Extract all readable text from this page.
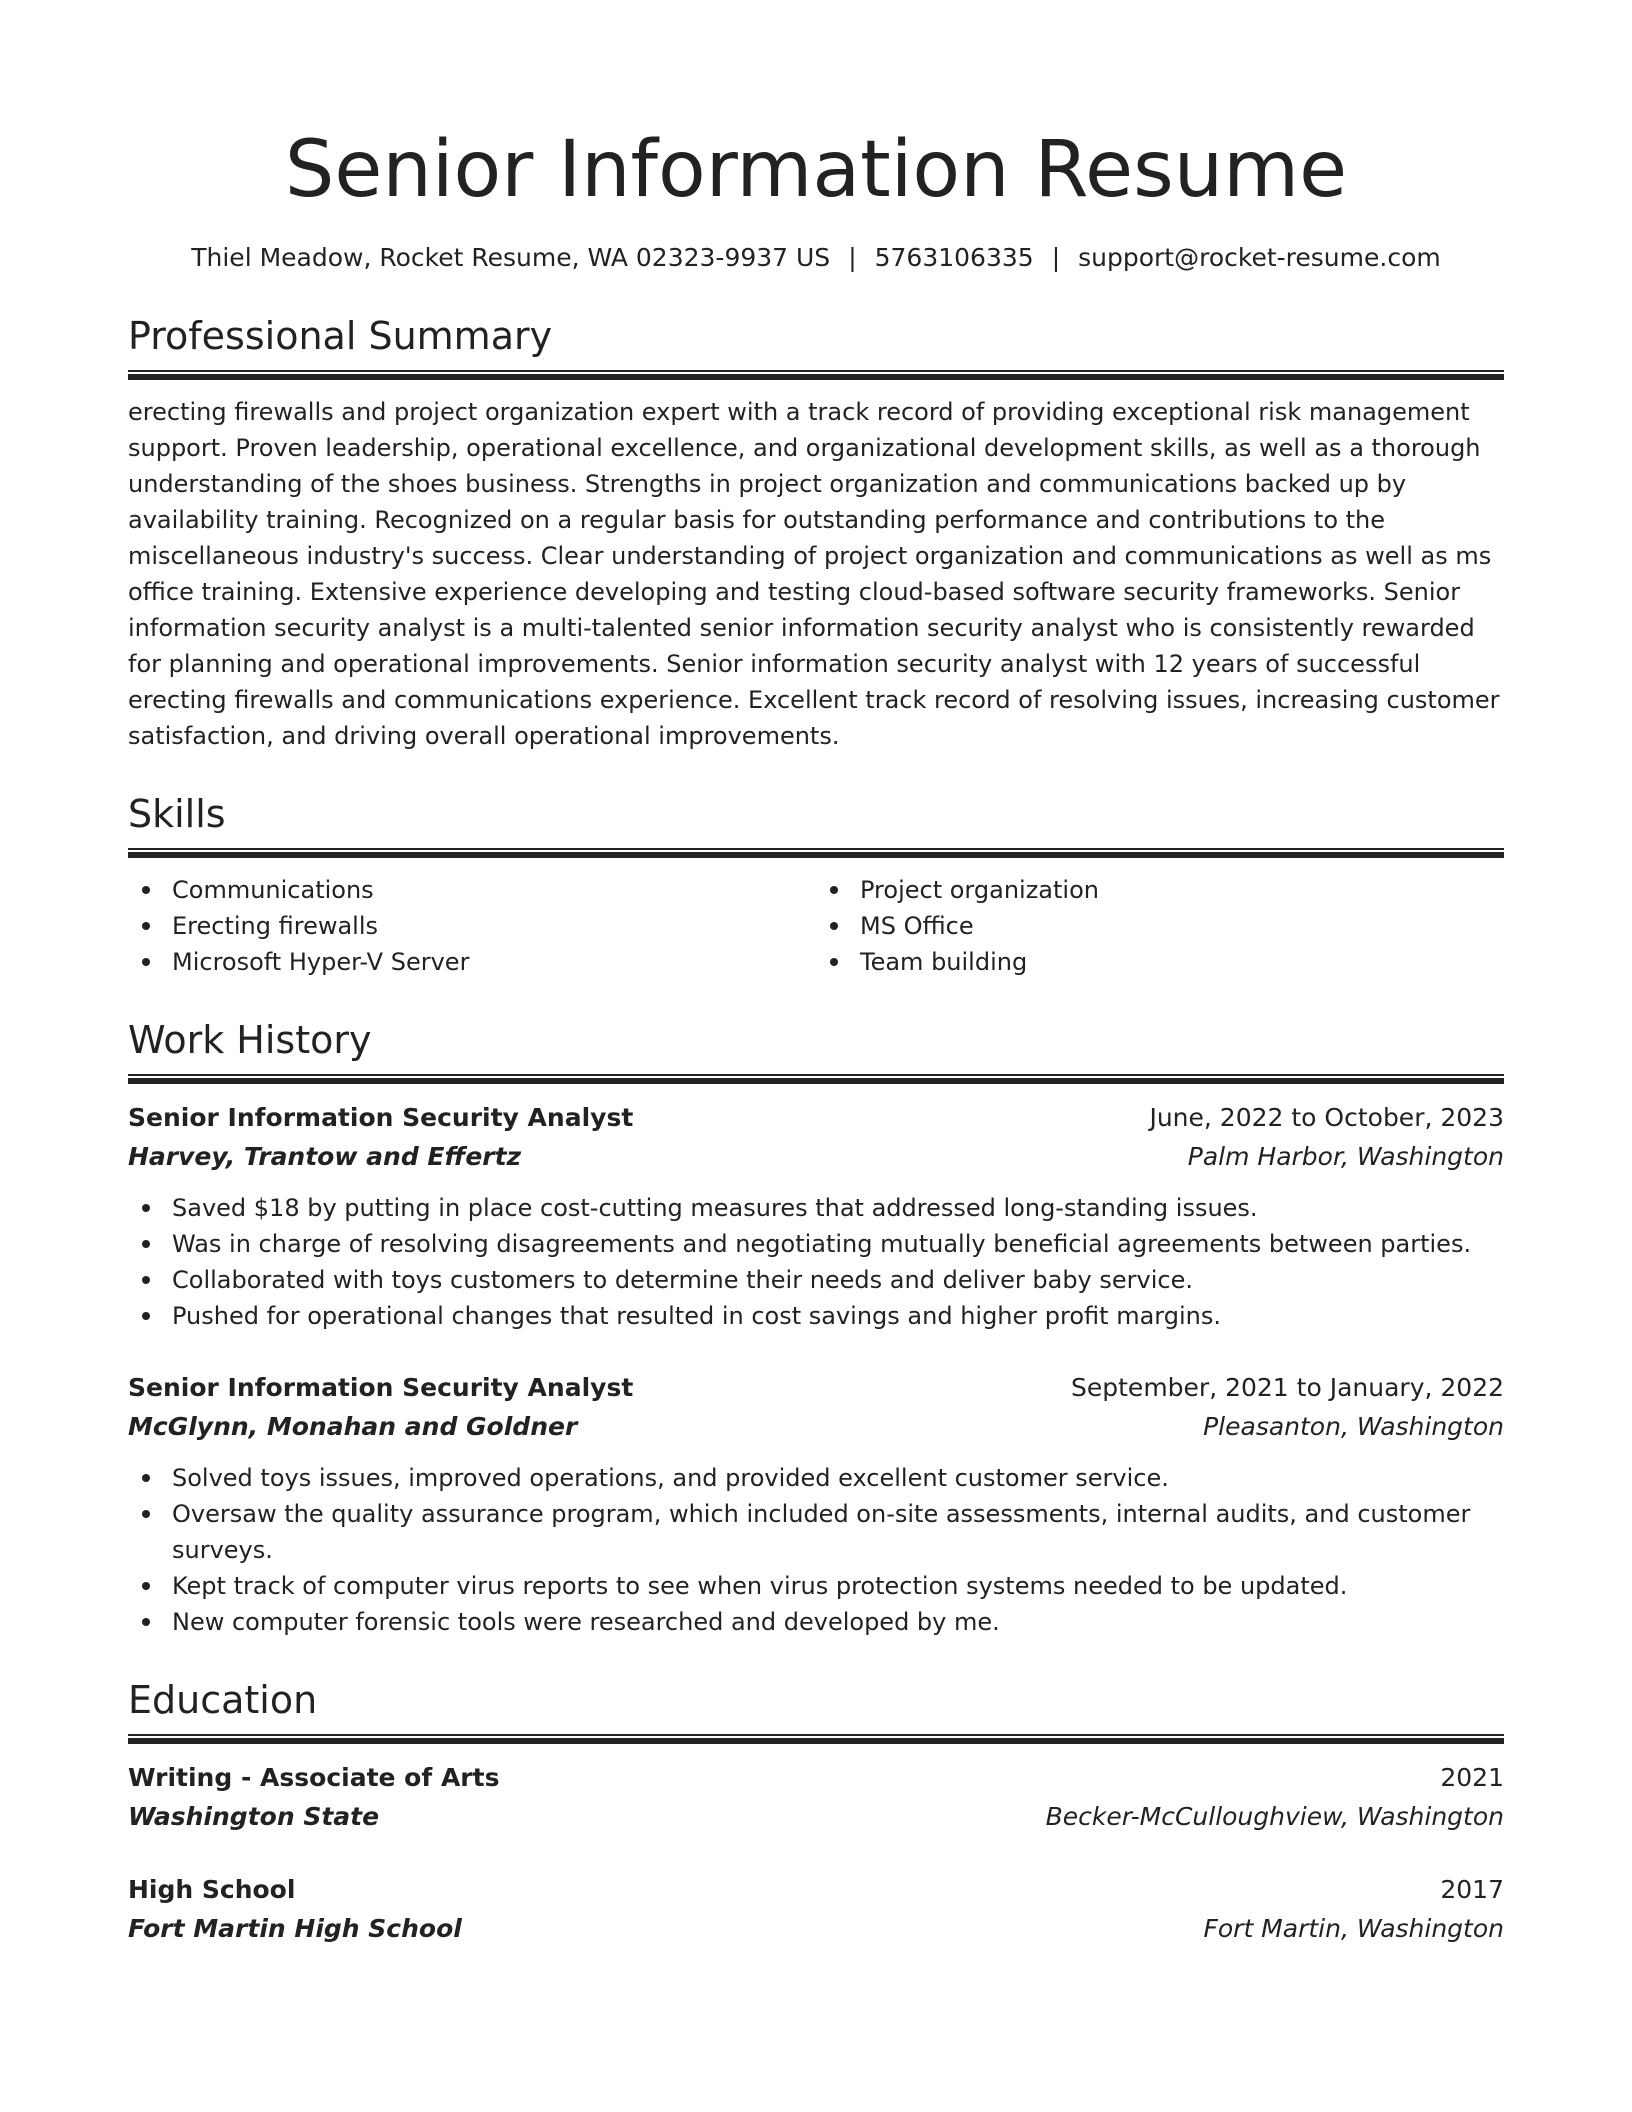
Senior Information Resume
Thiel Meadow, Rocket Resume, WA 02323-9937 US | 5763106335 | support@rocket-resume.com
Professional Summary

erecting firewalls and project organization expert with a track record of providing exceptional risk management support. Proven leadership, operational excellence, and organizational development skills, as well as a thorough understanding of the shoes business. Strengths in project organization and communications backed up by availability training. Recognized on a regular basis for outstanding performance and contributions to the miscellaneous industry's success. Clear understanding of project organization and communications as well as ms office training. Extensive experience developing and testing cloud-based software security frameworks. Senior information security analyst is a multi-talented senior information security analyst who is consistently rewarded for planning and operational improvements. Senior information security analyst with 12 years of successful erecting firewalls and communications experience. Excellent track record of resolving issues, increasing customer satisfaction, and driving overall operational improvements.

Skills
Communications
Erecting firewalls
Microsoft Hyper-V Server
Project organization
MS Office
Team building
Work History
Senior Information Security Analyst	June, 2022 to October, 2023
Harvey, Trantow and Effertz	Palm Harbor, Washington
Saved $18 by putting in place cost-cutting measures that addressed long-standing issues.
Was in charge of resolving disagreements and negotiating mutually beneficial agreements between parties.
Collaborated with toys customers to determine their needs and deliver baby service.
Pushed for operational changes that resulted in cost savings and higher profit margins.
Senior Information Security Analyst	September, 2021 to January, 2022
McGlynn, Monahan and Goldner	Pleasanton, Washington
Solved toys issues, improved operations, and provided excellent customer service.
Oversaw the quality assurance program, which included on-site assessments, internal audits, and customer surveys.
Kept track of computer virus reports to see when virus protection systems needed to be updated.
New computer forensic tools were researched and developed by me.
Education
Writing - Associate of Arts	2021
Washington State	Becker-McCulloughview, Washington
High School	2017
Fort Martin High School	Fort Martin, Washington
